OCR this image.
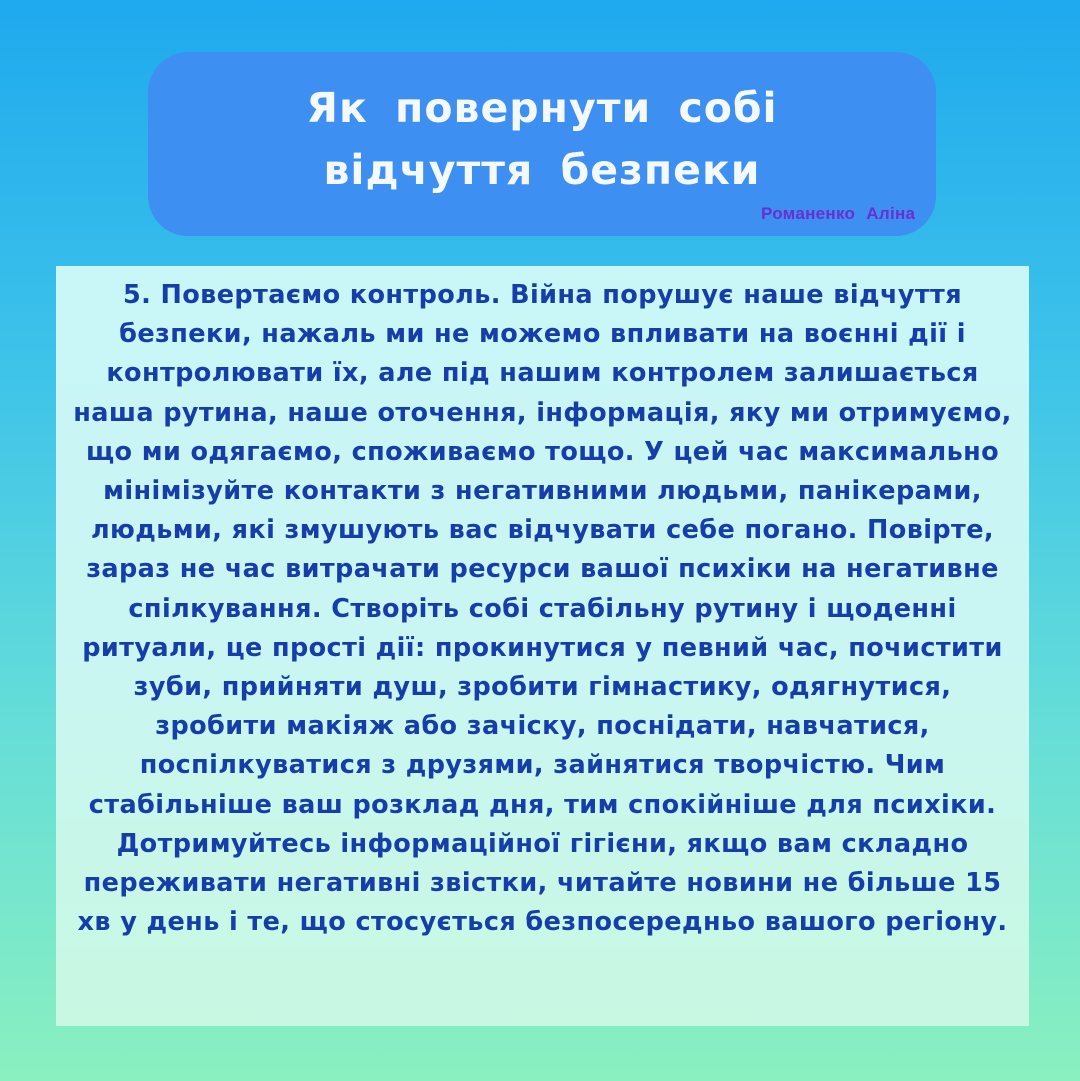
Як повернути собі відчуття безпеки
Романенко Аліна

5. Повертаємо контроль. Війна порушує наше відчуття безпеки, нажаль ми не можемо впливати на воєнні дії і контролювати їх, але під нашим контролем залишається наша рутина, наше оточення, інформація, яку ми отримуємо, що ми одягаємо, споживаємо тощо. У цей час максимально мінімізуйте контакти з негативними людьми, панікерами, людьми, які змушують вас відчувати себе погано. Повірте, зараз не час витрачати ресурси вашої психіки на негативне спілкування. Створіть собі стабільну рутину і щоденні ритуали, це прості дії: прокинутися у певний час, почистити зуби, прийняти душ, зробити гімнастику, одягнутися, зробити макіяж або зачіску, поснідати, навчатися, поспілкуватися з друзями, зайнятися творчістю. Чим стабільніше ваш розклад дня, тим спокійніше для психіки. Дотримуйтесь інформаційної гігієни, якщо вам складно переживати негативні звістки, читайте новини не більше 15 хв у день і те, що стосується безпосередньо вашого регіону.
